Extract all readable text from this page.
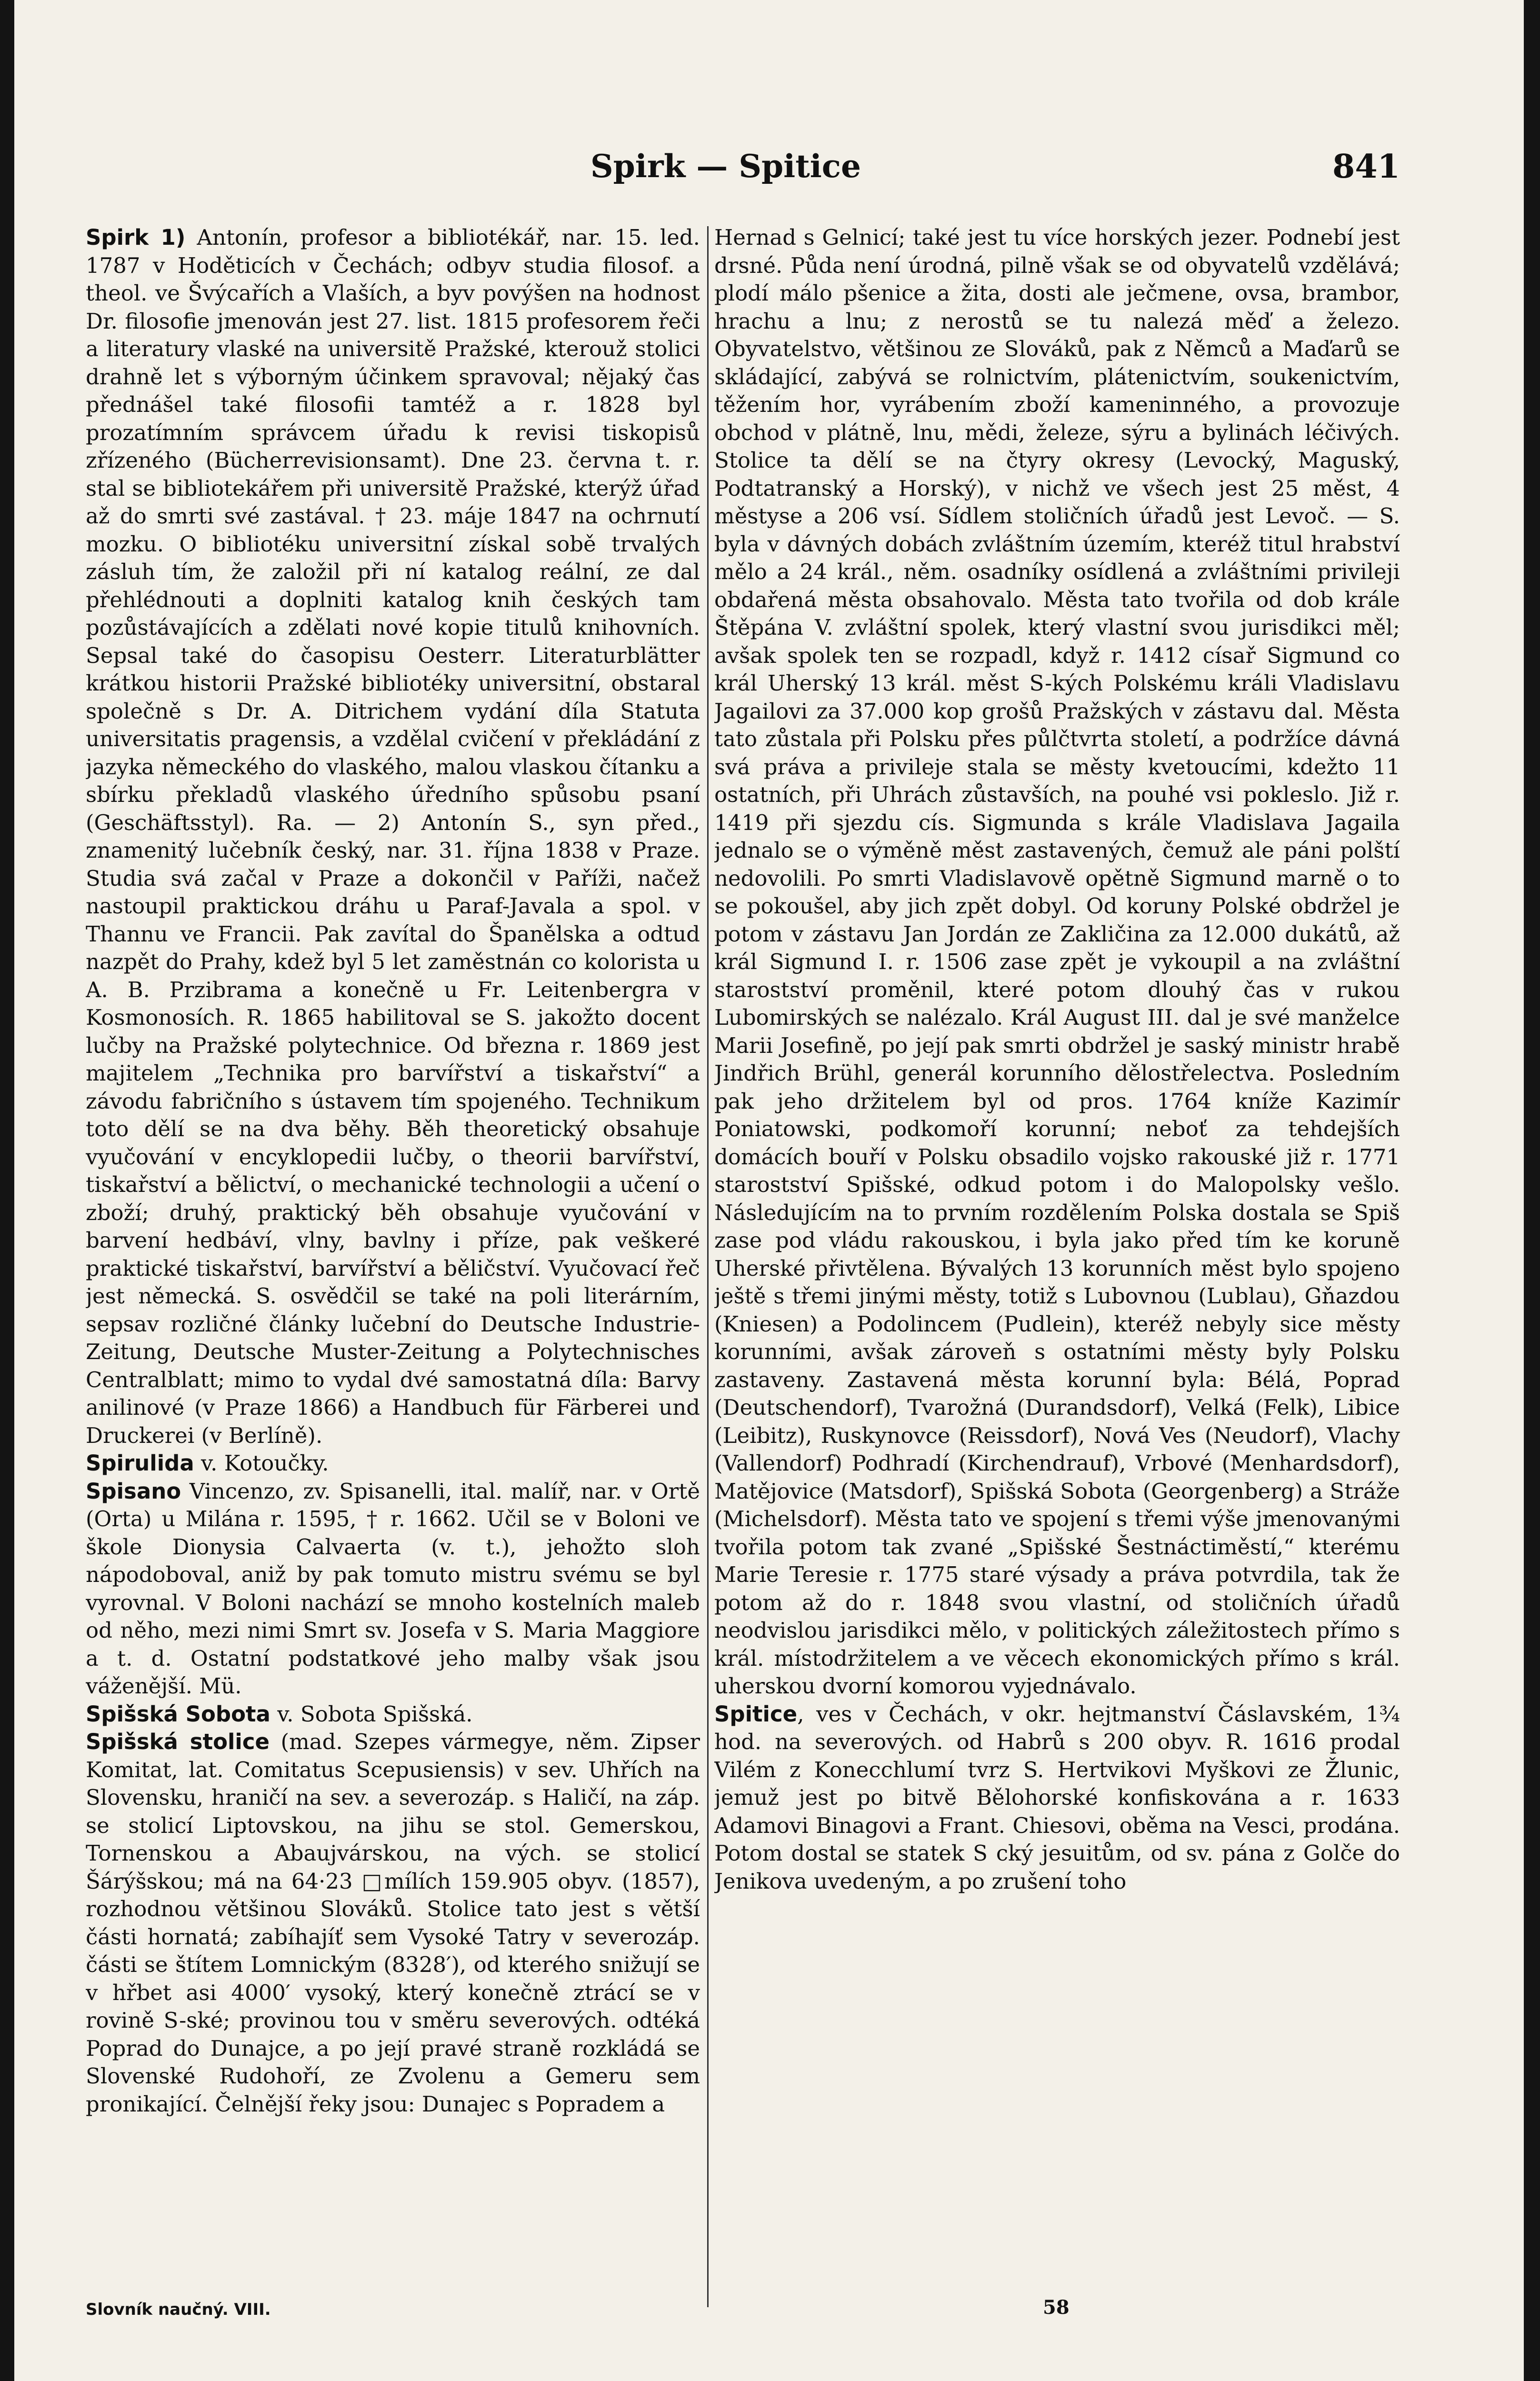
Spirk — Spitice	841

Spirk 1) Antonín, profesor a bibliotékář, nar. 15. led. 1787 v Hoděticích v Čechách; odbyv studia filosof. a theol. ve Švýcařích a Vlaších, a byv povýšen na hodnost Dr. filosofie jmenován jest 27. list. 1815 profesorem řeči a literatury vlaské na universitě Pražské, kterouž stolici drahně let s výborným účinkem spravoval; nějaký čas přednášel také filosofii tamtéž a r. 1828 byl prozatímním správcem úřadu k revisi tiskopisů zřízeného (Bücherrevisionsamt). Dne 23. června t. r. stal se bibliotekářem při universitě Pražské, kterýž úřad až do smrti své zastával. † 23. máje 1847 na ochrnutí mozku. O bibliotéku universitní získal sobě trvalých zásluh tím, že založil při ní katalog reální, ze dal přehlédnouti a doplniti katalog knih českých tam pozůstávajících a zdělati nové kopie titulů knihovních. Sepsal také do časopisu Oesterr. Literaturblätter krátkou historii Pražské bibliotéky universitní, obstaral společně s Dr. A. Ditrichem vydání díla Statuta universitatis pragensis, a vzdělal cvičení v překládání z jazyka německého do vlaského, malou vlaskou čítanku a sbírku překladů vlaského úředního spůsobu psaní (Geschäftsstyl). Ra. — 2) Antonín S., syn před., znamenitý lučebník český, nar. 31. října 1838 v Praze. Studia svá začal v Praze a dokončil v Paříži, načež nastoupil praktickou dráhu u Paraf-Javala a spol. v Thannu ve Francii. Pak zavítal do Španělska a odtud nazpět do Prahy, kdež byl 5 let zaměstnán co kolorista u A. B. Przibrama a konečně u Fr. Leitenbergra v Kosmonosích. R. 1865 habilitoval se S. jakožto docent lučby na Pražské polytechnice. Od března r. 1869 jest majitelem „Technika pro barvířství a tiskařství“ a závodu fabričního s ústavem tím spojeného. Technikum toto dělí se na dva běhy. Běh theoretický obsahuje vyučování v encyklopedii lučby, o theorii barvířství, tiskařství a bělictví, o mechanické technologii a učení o zboží; druhý, praktický běh obsahuje vyučování v barvení hedbáví, vlny, bavlny i příze, pak veškeré praktické tiskařství, barvířství a běličství. Vyučovací řeč jest německá. S. osvědčil se také na poli literárním, sepsav rozličné články lučební do Deutsche Industrie-Zeitung, Deutsche Muster-Zeitung a Polytechnisches Centralblatt; mimo to vydal dvé samostatná díla: Barvy anilinové (v Praze 1866) a Handbuch für Färberei und Druckerei (v Berlíně).

Spirulida v. Kotoučky.

Spisano Vincenzo, zv. Spisanelli, ital. malíř, nar. v Ortě (Orta) u Milána r. 1595, † r. 1662. Učil se v Boloni ve škole Dionysia Calvaerta (v. t.), jehožto sloh nápodoboval, aniž by pak tomuto mistru svému se byl vyrovnal. V Boloni nachází se mnoho kostelních maleb od něho, mezi nimi Smrt sv. Josefa v S. Maria Maggiore a t. d. Ostatní podstatkové jeho malby však jsou váženější. Mü.

Spišská Sobota v. Sobota Spišská.

Spišská stolice (mad. Szepes vármegye, něm. Zipser Komitat, lat. Comitatus Scepusiensis) v sev. Uhřích na Slovensku, hraničí na sev. a severozáp. s Haličí, na záp. se stolicí Liptovskou, na jihu se stol. Gemerskou, Tornenskou a Abaujvárskou, na vých. se stolicí Šárýšskou; má na 64·23 □mílích 159.905 obyv. (1857), rozhodnou většinou Slováků. Stolice tato jest s větší části hornatá; zabíhajíť sem Vysoké Tatry v severozáp. části se štítem Lomnickým (8328′), od kterého snižují se v hřbet asi 4000′ vysoký, který konečně ztrácí se v rovině S-ské; provinou tou v směru severových. odtéká Poprad do Dunajce, a po její pravé straně rozkládá se Slovenské Rudohoří, ze Zvolenu a Gemeru sem pronikající. Čelnější řeky jsou: Dunajec s Popradem a

Hernad s Gelnicí; také jest tu více horských jezer. Podnebí jest drsné. Půda není úrodná, pilně však se od obyvatelů vzdělává; plodí málo pšenice a žita, dosti ale ječmene, ovsa, brambor, hrachu a lnu; z nerostů se tu nalezá měď a železo. Obyvatelstvo, většinou ze Slováků, pak z Němců a Maďarů se skládající, zabývá se rolnictvím, plátenictvím, soukenictvím, těžením hor, vyrábením zboží kameninného, a provozuje obchod v plátně, lnu, mědi, železe, sýru a bylinách léčivých. Stolice ta dělí se na čtyry okresy (Levocký, Maguský, Podtatranský a Horský), v nichž ve všech jest 25 měst, 4 městyse a 206 vsí. Sídlem stoličních úřadů jest Levoč. — S. byla v dávných dobách zvláštním územím, kteréž titul hrabství mělo a 24 král., něm. osadníky osídlená a zvláštními privileji obdařená města obsahovalo. Města tato tvořila od dob krále Štěpána V. zvláštní spolek, který vlastní svou jurisdikci měl; avšak spolek ten se rozpadl, když r. 1412 císař Sigmund co král Uherský 13 král. měst S-kých Polskému králi Vladislavu Jagailovi za 37.000 kop grošů Pražských v zástavu dal. Města tato zůstala při Polsku přes půlčtvrta století, a podržíce dávná svá práva a privileje stala se městy kvetoucími, kdežto 11 ostatních, při Uhrách zůstavších, na pouhé vsi pokleslo. Již r. 1419 při sjezdu cís. Sigmunda s krále Vladislava Jagaila jednalo se o výměně měst zastavených, čemuž ale páni polští nedovolili. Po smrti Vladislavově opětně Sigmund marně o to se pokoušel, aby jich zpět dobyl. Od koruny Polské obdržel je potom v zástavu Jan Jordán ze Zakličina za 12.000 dukátů, až král Sigmund I. r. 1506 zase zpět je vykoupil a na zvláštní starostství proměnil, které potom dlouhý čas v rukou Lubomirských se nalézalo. Král August III. dal je své manželce Marii Josefině, po její pak smrti obdržel je saský ministr hrabě Jindřich Brühl, generál korunního dělostřelectva. Posledním pak jeho držitelem byl od pros. 1764 kníže Kazimír Poniatowski, podkomoří korunní; neboť za tehdejších domácích bouří v Polsku obsadilo vojsko rakouské již r. 1771 starostství Spišské, odkud potom i do Malopolsky vešlo. Následujícím na to prvním rozdělením Polska dostala se Spiš zase pod vládu rakouskou, i byla jako před tím ke koruně Uherské přivtělena. Bývalých 13 korunních měst bylo spojeno ještě s třemi jinými městy, totiž s Lubovnou (Lublau), Gňazdou (Kniesen) a Podolincem (Pudlein), kteréž nebyly sice městy korunními, avšak zároveň s ostatními městy byly Polsku zastaveny. Zastavená města korunní byla: Bélá, Poprad (Deutschendorf), Tvarožná (Durandsdorf), Velká (Felk), Libice (Leibitz), Ruskynovce (Reissdorf), Nová Ves (Neudorf), Vlachy (Vallendorf) Podhradí (Kirchendrauf), Vrbové (Menhardsdorf), Matějovice (Matsdorf), Spišská Sobota (Georgenberg) a Stráže (Michelsdorf). Města tato ve spojení s třemi výše jmenovanými tvořila potom tak zvané „Spišské Šestnáctiměstí,“ kterému Marie Teresie r. 1775 staré výsady a práva potvrdila, tak že potom až do r. 1848 svou vlastní, od stoličních úřadů neodvislou jarisdikci mělo, v politických záležitostech přímo s král. místodržitelem a ve věcech ekonomických přímo s král. uherskou dvorní komorou vyjednávalo.

Spitice, ves v Čechách, v okr. hejtmanství Čáslavském, 1¾ hod. na severových. od Habrů s 200 obyv. R. 1616 prodal Vilém z Konecchlumí tvrz S. Hertvikovi Myškovi ze Žlunic, jemuž jest po bitvě Bělohorské konfiskována a r. 1633 Adamovi Binagovi a Frant. Chiesovi, oběma na Vesci, prodána. Potom dostal se statek S cký jesuitům, od sv. pána z Golče do Jenikova uvedeným, a po zrušení toho

Slovník naučný. VIII.	58
